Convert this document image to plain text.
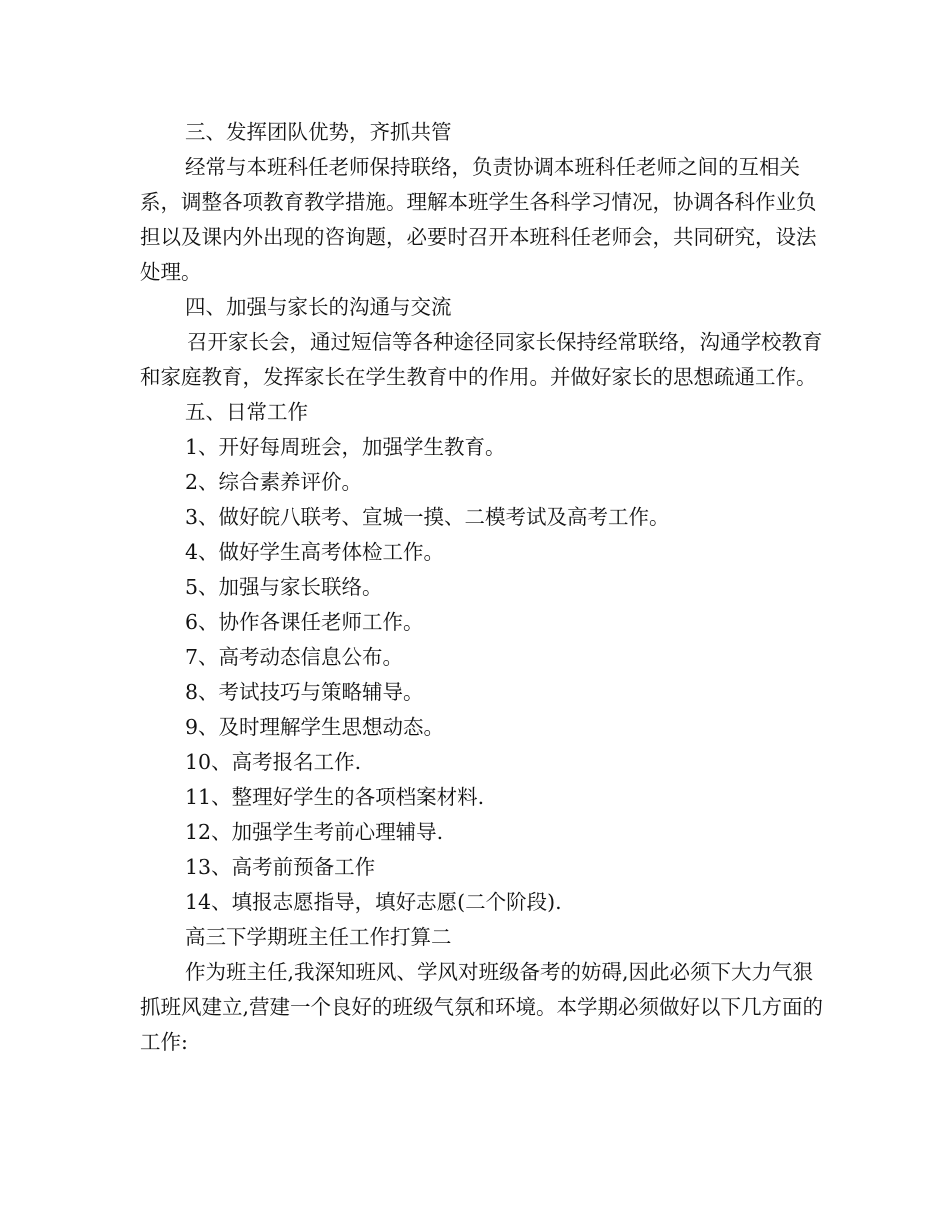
三、发挥团队优势，齐抓共管

经常与本班科任老师保持联络，负责协调本班科任老师之间的互相关系，调整各项教育教学措施。理解本班学生各科学习情况，协调各科作业负担以及课内外出现的咨询题，必要时召开本班科任老师会，共同研究，设法处理。

四、加强与家长的沟通与交流

召开家长会，通过短信等各种途径同家长保持经常联络，沟通学校教育和家庭教育，发挥家长在学生教育中的作用。并做好家长的思想疏通工作。

五、日常工作

1、开好每周班会，加强学生教育。

2、综合素养评价。

3、做好皖八联考、宣城一摸、二模考试及高考工作。

4、做好学生高考体检工作。

5、加强与家长联络。

6、协作各课任老师工作。

7、高考动态信息公布。

8、考试技巧与策略辅导。

9、及时理解学生思想动态。

10、高考报名工作.

11、整理好学生的各项档案材料.

12、加强学生考前心理辅导.

13、高考前预备工作

14、填报志愿指导，填好志愿(二个阶段).

高三下学期班主任工作打算二

作为班主任,我深知班风、学风对班级备考的妨碍,因此必须下大力气狠抓班风建立,营建一个良好的班级气氛和环境。本学期必须做好以下几方面的工作:
